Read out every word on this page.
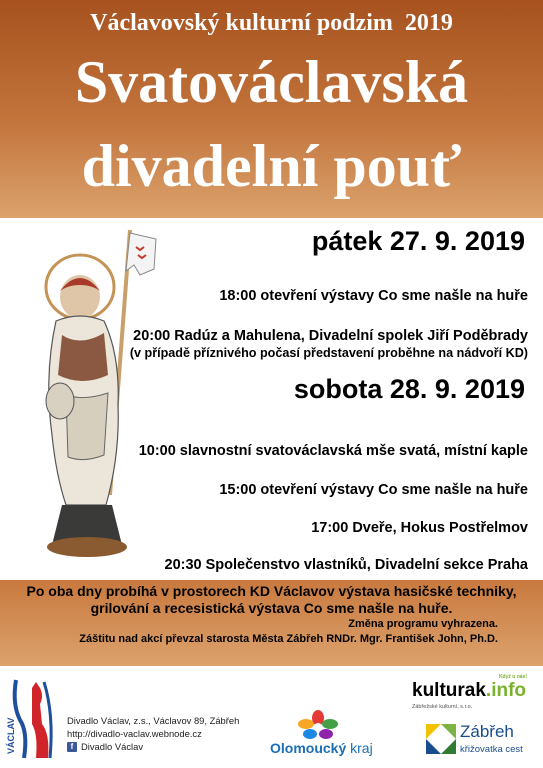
Václavovský kulturní podzim  2019
Svatováclavská
divadelní pouť
pátek 27. 9. 2019
18:00 otevření výstavy Co sme našle na huře
20:00 Radúz a Mahulena, Divadelní spolek Jiří Poděbrady
(v případě příznivého počasí představení proběhne na nádvoří KD)
sobota 28. 9. 2019
10:00 slavnostní svatováclavská mše svatá, místní kaple
15:00 otevření výstavy Co sme našle na huře
17:00 Dveře, Hokus Postřelmov
20:30 Společenstvo vlastníků, Divadelní sekce Praha
Po oba dny probíhá v prostorech KD Václavov výstava hasičské techniky,
grilování a recesistická výstava Co sme našle na huře.
Změna programu vyhrazena.
Záštitu nad akcí převzal starosta Města Zábřeh RNDr. Mgr. František John, Ph.D.
VÁCLAV	Divadlo Václav, z.s., Václavov 89, Zábřeh
http://divadlo-vaclav.webnode.cz
f Divadlo Václav	Olomoucký kraj
Když u nás!
kulturak.info
Zábřežské kulturní, s.r.o.
Zábřeh
křižovatka cest
